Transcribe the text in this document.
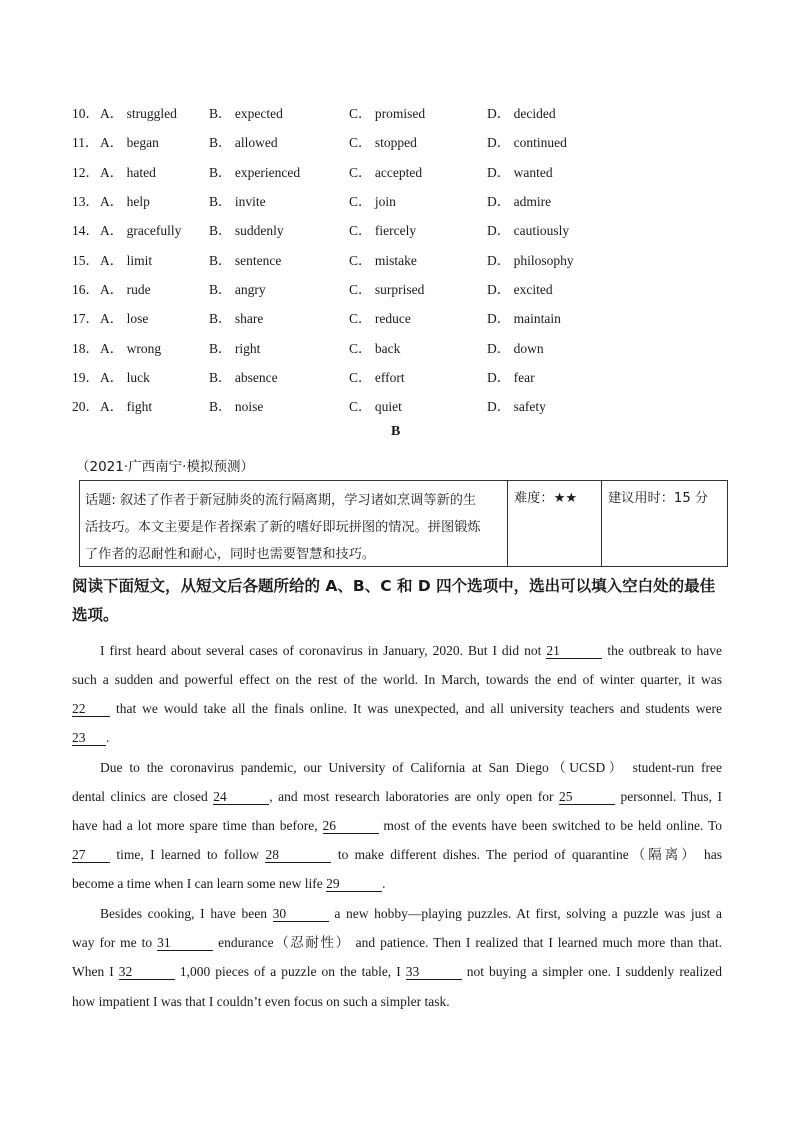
10． A． struggled B． expected	C． promised	D． decided
11． A． began	B． allowed	C． stopped	D． continued
12． A． hated	B． experienced	C． accepted	D． wanted
13． A． help	B． invite	C． join	D． admire
14． A． gracefully B． suddenly	C． fiercely	D． cautiously
15． A． limit	B． sentence	C． mistake	D． philosophy
16． A． rude	B． angry	C． surprised	D． excited
17． A． lose	B． share	C． reduce	D． maintain
18． A． wrong	B． right	C． back	D． down
19． A． luck	B． absence	C． effort	D． fear
20． A． fight	B． noise	C． quiet	D． safety
B
（2021·广西南宁·模拟预测）
话题: 叙述了作者于新冠肺炎的流行隔离期，学习诸如烹调等新的生
活技巧。本文主要是作者探索了新的嗜好即玩拼图的情况。拼图锻炼
了作者的忍耐性和耐心，同时也需要智慧和技巧。
难度：★★	建议用时：15 分
阅读下面短文，从短文后各题所给的 A、B、C 和 D 四个选项中，选出可以填入空白处的最佳选项。
I first heard about several cases of coronavirus in January, 2020. But I did not 21	the outbreak to have
such a sudden and powerful effect on the rest of the world. In March, towards the end of winter quarter, it was
22 that we would take all the finals online. It was unexpected, and all university teachers and students were
23 .
Due to the coronavirus pandemic, our University of California at San Diego（UCSD） student-run free
dental clinics are closed 24	, and most research laboratories are only open for 25	personnel. Thus, I
have had a lot more spare time than before, 26	most of the events have been switched to be held online. To
27 time, I learned to follow 28	to make different dishes. The period of quarantine（隔离） has
become a time when I can learn some new life 29	.
Besides cooking, I have been 30	a new hobby—playing puzzles. At first, solving a puzzle was just a
way for me to 31	endurance（忍耐性） and patience. Then I realized that I learned much more than that.
When I 32	1,000 pieces of a puzzle on the table, I 33	not buying a simpler one. I suddenly realized
how impatient I was that I couldn’t even focus on such a simpler task.
